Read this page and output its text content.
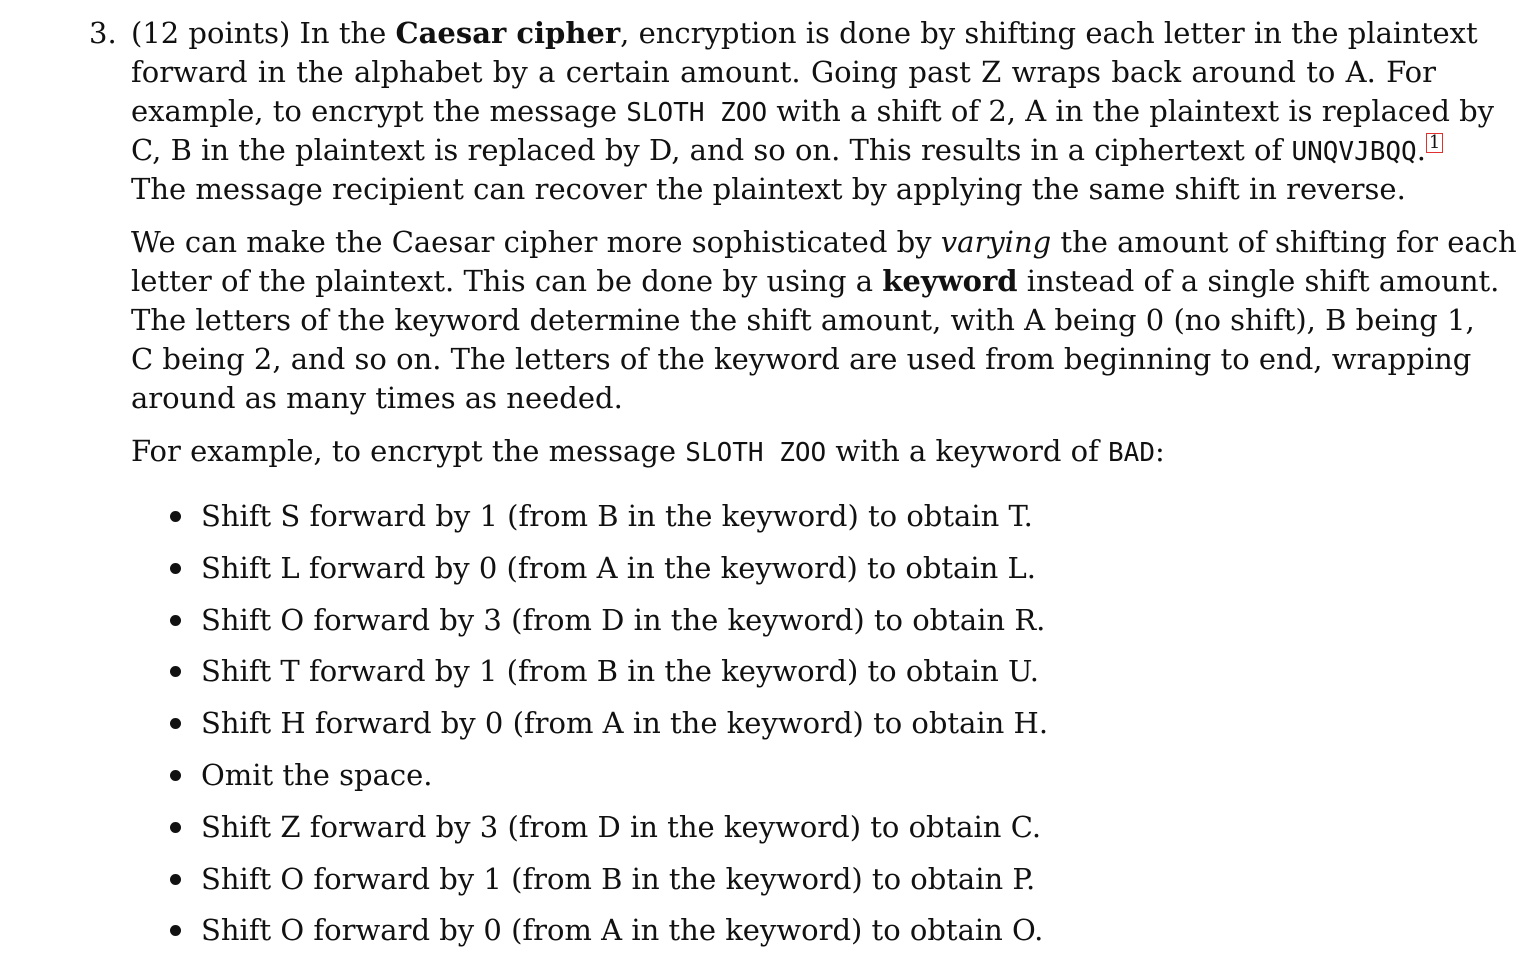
3. (12 points) In the Caesar cipher, encryption is done by shifting each letter in the plaintext
forward in the alphabet by a certain amount. Going past Z wraps back around to A. For
example, to encrypt the message SLOTH ZOO with a shift of 2, A in the plaintext is replaced by
C, B in the plaintext is replaced by D, and so on. This results in a ciphertext of UNQVJBQQ. 1
The message recipient can recover the plaintext by applying the same shift in reverse.
We can make the Caesar cipher more sophisticated by varying the amount of shifting for each
letter of the plaintext. This can be done by using a keyword instead of a single shift amount.
The letters of the keyword determine the shift amount, with A being 0 (no shift), B being 1,
C being 2, and so on. The letters of the keyword are used from beginning to end, wrapping
around as many times as needed.
For example, to encrypt the message SLOTH ZOO with a keyword of BAD:
Shift S forward by 1 (from B in the keyword) to obtain T.
Shift L forward by 0 (from A in the keyword) to obtain L.
Shift O forward by 3 (from D in the keyword) to obtain R.
Shift T forward by 1 (from B in the keyword) to obtain U.
Shift H forward by 0 (from A in the keyword) to obtain H.
Omit the space.
Shift Z forward by 3 (from D in the keyword) to obtain C.
Shift O forward by 1 (from B in the keyword) to obtain P.
Shift O forward by 0 (from A in the keyword) to obtain O.
